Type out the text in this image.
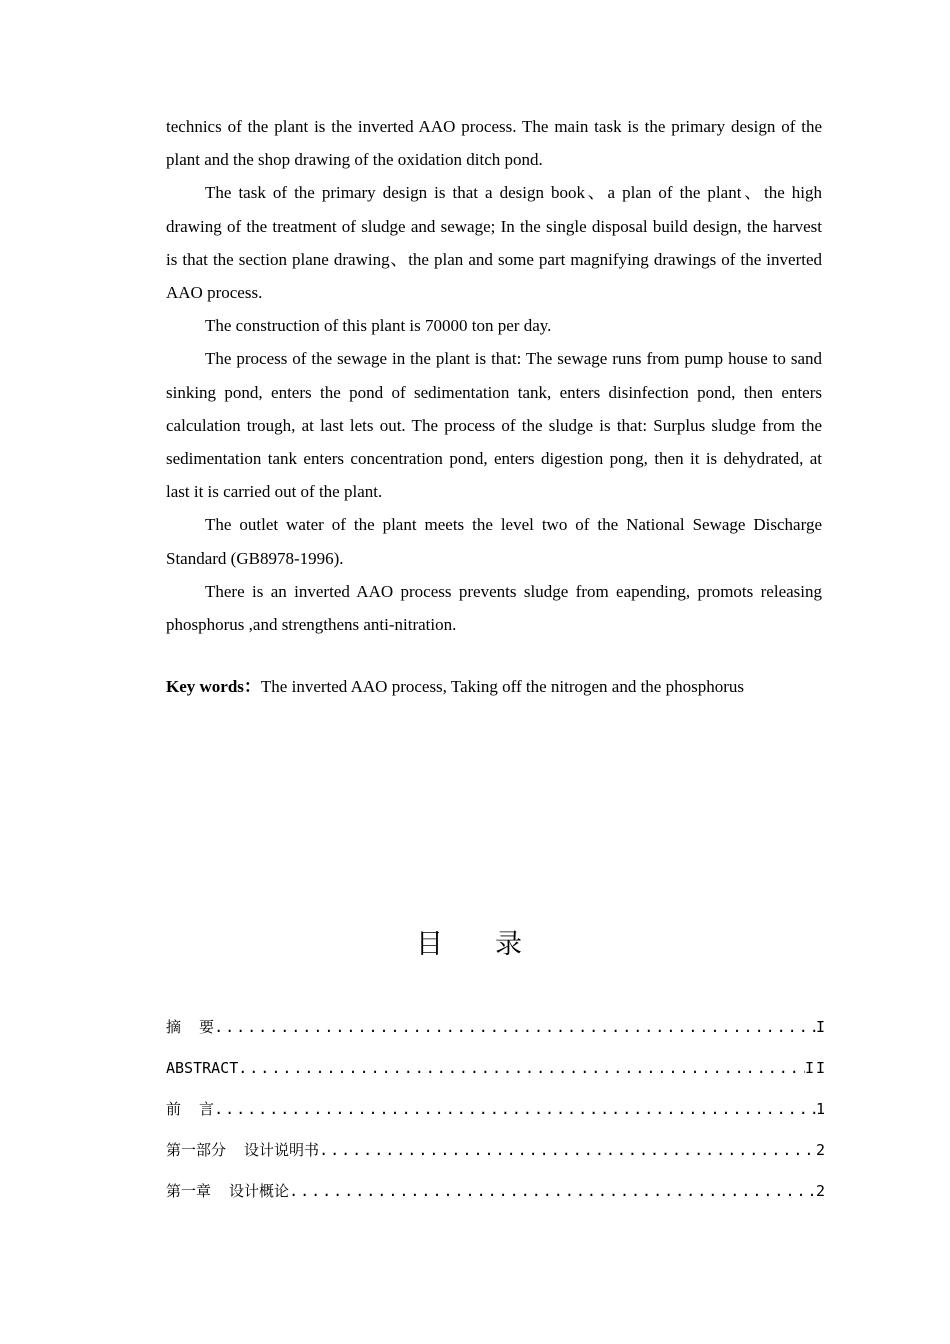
technics of the plant is the inverted AAO process. The main task is the primary design of the plant and the shop drawing of the oxidation ditch pond.

The task of the primary design is that a design book、a plan of the plant、the high drawing of the treatment of sludge and sewage; In the single disposal build design, the harvest is that the section plane drawing、the plan and some part magnifying drawings of the inverted AAO process.

The construction of this plant is 70000 ton per day.

The process of the sewage in the plant is that: The sewage runs from pump house to sand sinking pond, enters the pond of sedimentation tank, enters disinfection pond, then enters calculation trough, at last lets out. The process of the sludge is that: Surplus sludge from the sedimentation tank enters concentration pond, enters digestion pong, then it is dehydrated, at last it is carried out of the plant.

The outlet water of the plant meets the level two of the National Sewage Discharge Standard (GB8978-1996).

There is an inverted AAO process prevents sludge from eapending, promots releasing phosphorus ,and strengthens anti-nitration.

Key words：The inverted AAO process, Taking off the nitrogen and the phosphorus
目录
摘  要 .....	I
ABSTRACT .....	II
前  言 .....	1
第一部分  设计说明书 .....	2
第一章  设计概论 .....	2
